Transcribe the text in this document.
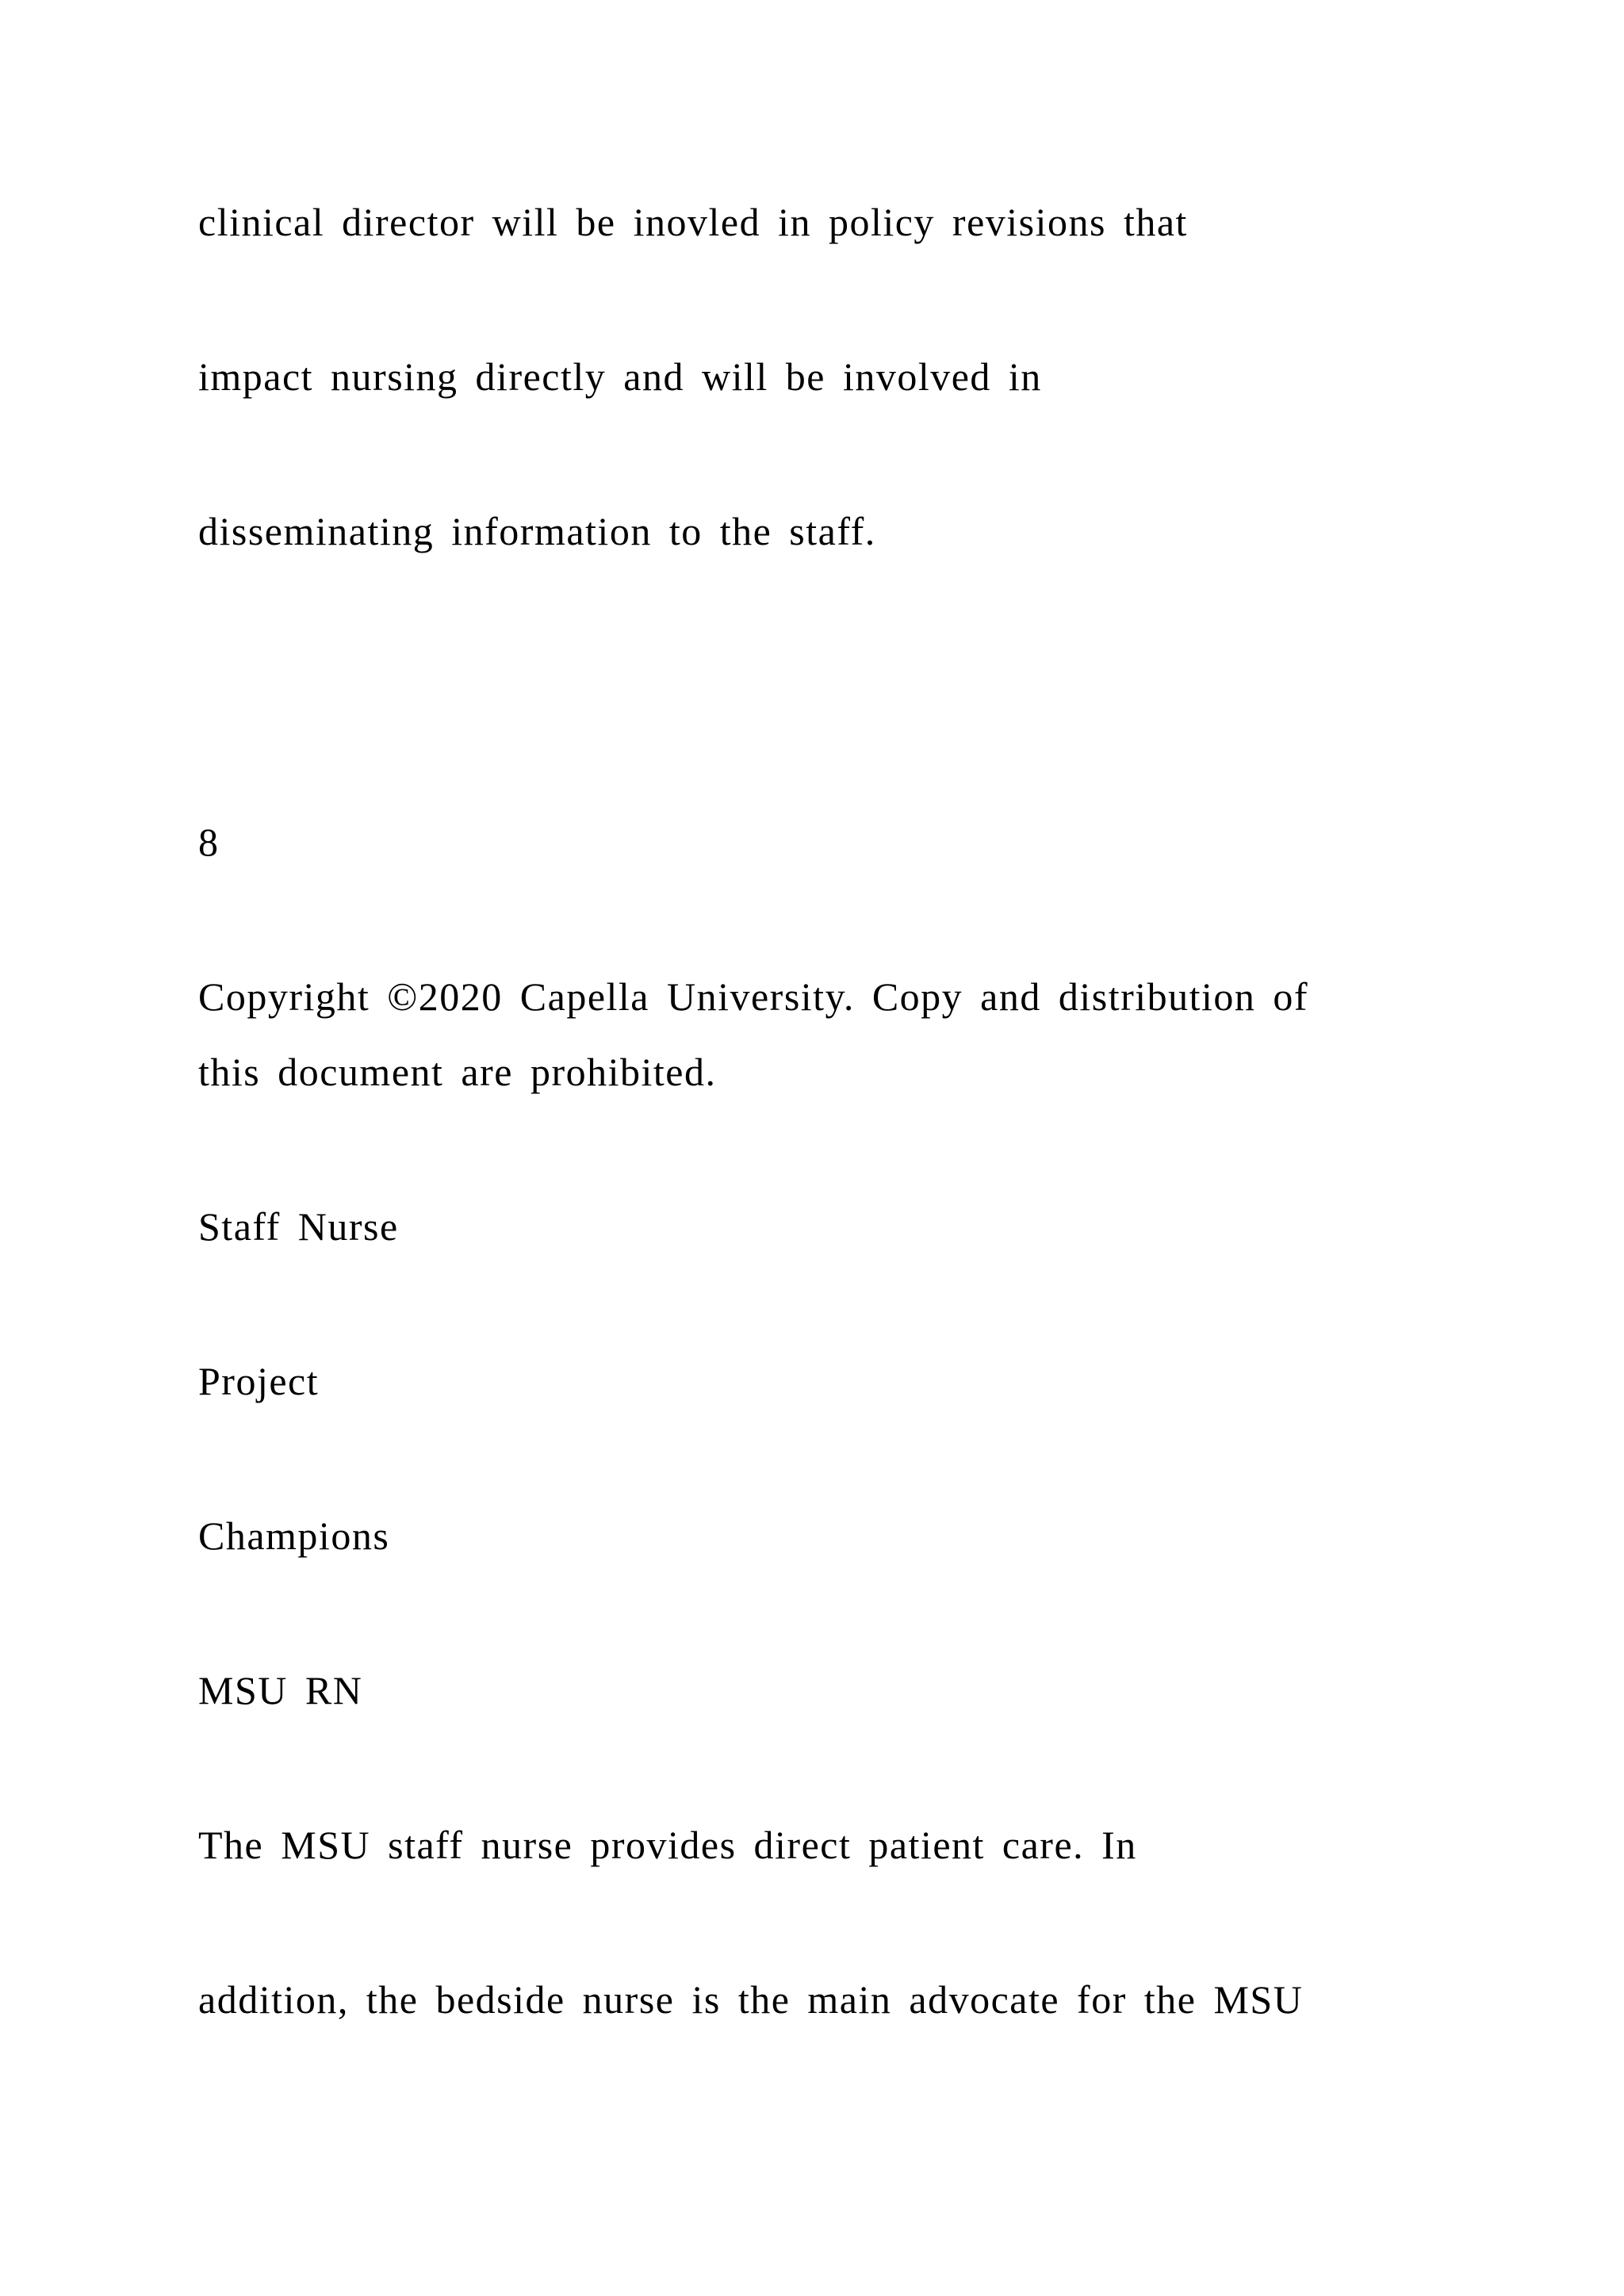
clinical director will be inovled in policy revisions that

impact nursing directly and will be involved in

disseminating information to the staff.

8

Copyright ©2020 Capella University. Copy and distribution of

this document are prohibited.

Staff Nurse

Project

Champions

MSU RN

The MSU staff nurse provides direct patient care. In

addition, the bedside nurse is the main advocate for the MSU
